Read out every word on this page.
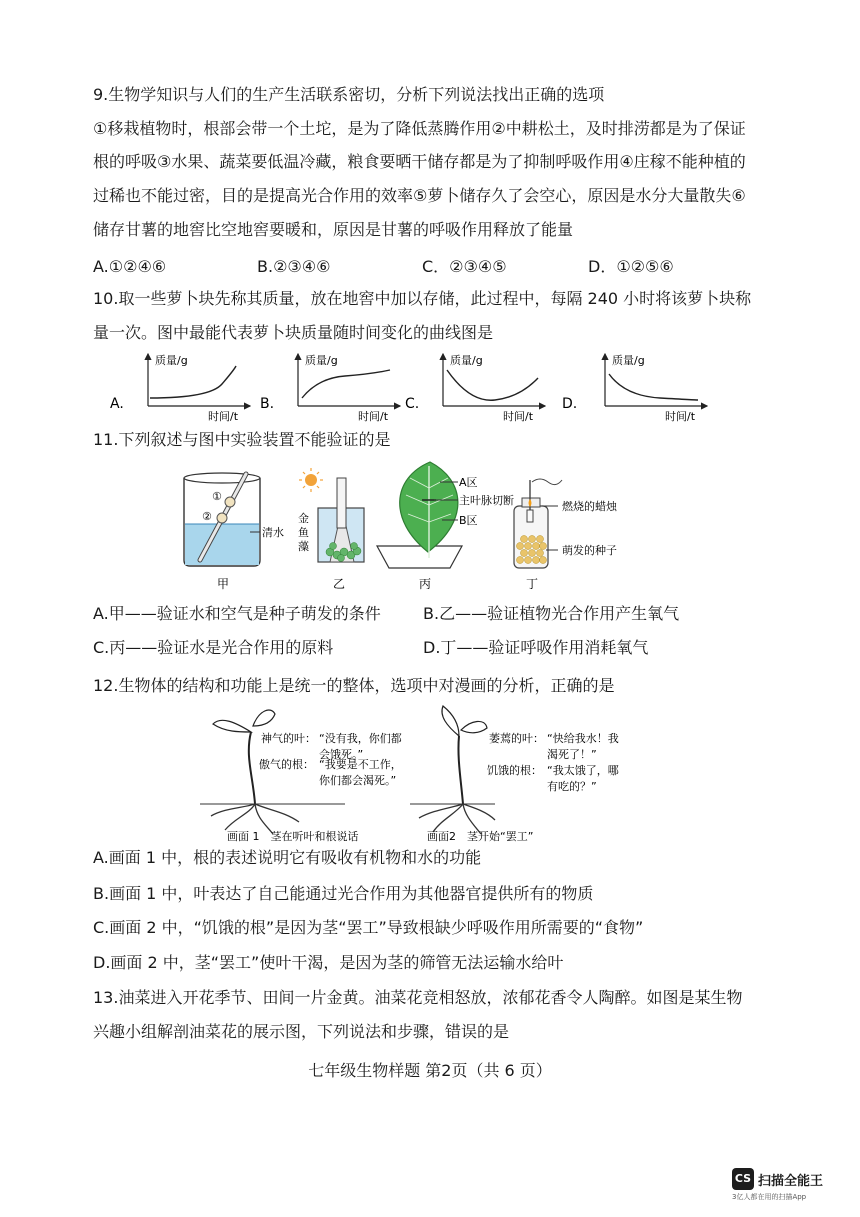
9.生物学知识与人们的生产生活联系密切，分析下列说法找出正确的选项
①移栽植物时，根部会带一个土坨，是为了降低蒸腾作用②中耕松土，及时排涝都是为了保证
根的呼吸③水果、蔬菜要低温冷藏，粮食要晒干储存都是为了抑制呼吸作用④庄稼不能种植的
过稀也不能过密，目的是提高光合作用的效率⑤萝卜储存久了会空心，原因是水分大量散失⑥
储存甘薯的地窖比空地窖要暖和，原因是甘薯的呼吸作用释放了能量
A.①②④⑥	B.②③④⑥	C．②③④⑤	D．①②⑤⑥
10.取一些萝卜块先称其质量，放在地窖中加以存储，此过程中，每隔 240 小时将该萝卜块称
量一次。图中最能代表萝卜块质量随时间变化的曲线图是
A.
质量/g
时间/t
B.
质量/g
时间/t
C.
质量/g
时间/t
D.
质量/g
时间/t
11.下列叙述与图中实验装置不能验证的是
①
②
清水
甲
金
鱼
藻
乙
A区
主叶脉切断
B区
丙
燃烧的蜡烛
萌发的种子
丁
A.甲——验证水和空气是种子萌发的条件	B.乙——验证植物光合作用产生氧气
C.丙——验证水是光合作用的原料	D.丁——验证呼吸作用消耗氧气
12.生物体的结构和功能上是统一的整体，选项中对漫画的分析，正确的是
神气的叶： “没有我，你们都
会饿死。”
傲气的根： “我要是不工作，
你们都会渴死。”
画面 1　茎在听叶和根说话
萎蔫的叶： “快给我水！我
渴死了！”
饥饿的根： “我太饿了，哪
有吃的？”
画面2　茎开始“罢工”
A.画面 1 中，根的表述说明它有吸收有机物和水的功能
B.画面 1 中，叶表达了自己能通过光合作用为其他器官提供所有的物质
C.画面 2 中，“饥饿的根”是因为茎“罢工”导致根缺少呼吸作用所需要的“食物”
D.画面 2 中，茎“罢工”使叶干渴，是因为茎的筛管无法运输水给叶
13.油菜进入开花季节、田间一片金黄。油菜花竞相怒放，浓郁花香令人陶醉。如图是某生物
兴趣小组解剖油菜花的展示图，下列说法和步骤，错误的是
七年级生物样题 第2页（共 6 页）
CS 扫描全能王
3亿人都在用的扫描App
